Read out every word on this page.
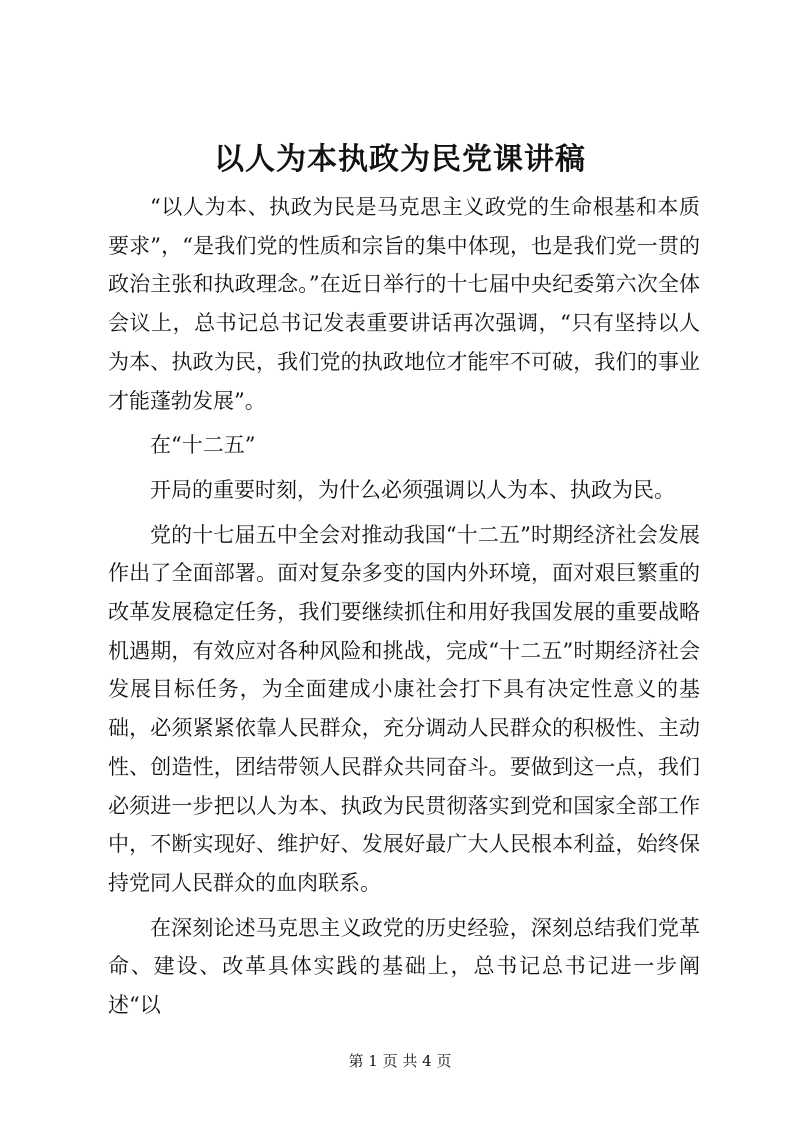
以人为本执政为民党课讲稿

“以人为本、执政为民是马克思主义政党的生命根基和本质要求”，“是我们党的性质和宗旨的集中体现，也是我们党一贯的政治主张和执政理念。”在近日举行的十七届中央纪委第六次全体会议上，总书记总书记发表重要讲话再次强调，“只有坚持以人为本、执政为民，我们党的执政地位才能牢不可破，我们的事业才能蓬勃发展”。

在“十二五”

开局的重要时刻，为什么必须强调以人为本、执政为民。

党的十七届五中全会对推动我国“十二五”时期经济社会发展作出了全面部署。面对复杂多变的国内外环境，面对艰巨繁重的改革发展稳定任务，我们要继续抓住和用好我国发展的重要战略机遇期，有效应对各种风险和挑战，完成“十二五”时期经济社会发展目标任务，为全面建成小康社会打下具有决定性意义的基础，必须紧紧依靠人民群众，充分调动人民群众的积极性、主动性、创造性，团结带领人民群众共同奋斗。要做到这一点，我们必须进一步把以人为本、执政为民贯彻落实到党和国家全部工作中，不断实现好、维护好、发展好最广大人民根本利益，始终保持党同人民群众的血肉联系。

在深刻论述马克思主义政党的历史经验，深刻总结我们党革命、建设、改革具体实践的基础上，总书记总书记进一步阐述“以

第 1 页 共 4 页
